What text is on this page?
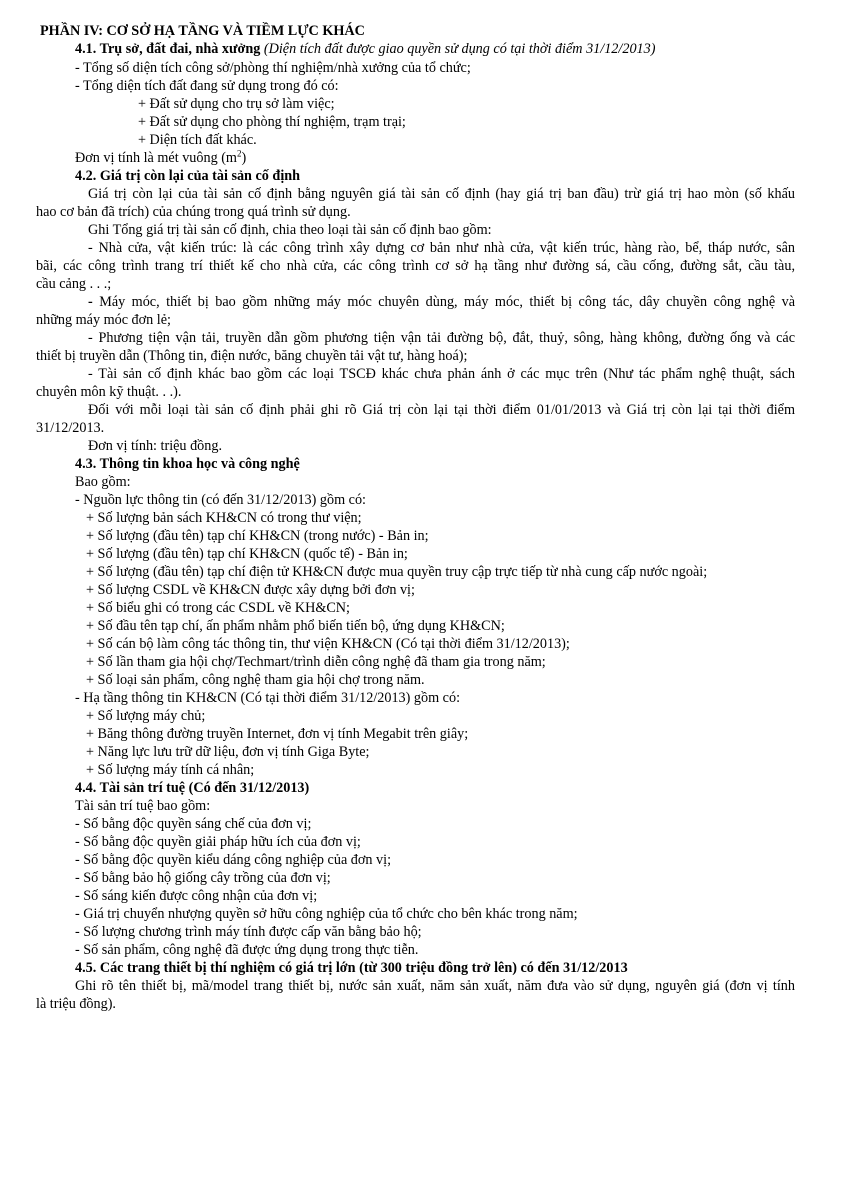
PHẦN IV: CƠ SỞ HẠ TẦNG VÀ TIỀM LỰC KHÁC
4.1. Trụ sở, đất đai, nhà xưởng (Diện tích đất được giao quyền sử dụng có tại thời điểm 31/12/2013)
- Tổng số diện tích công sở/phòng thí nghiệm/nhà xưởng của tổ chức;
- Tổng diện tích đất đang sử dụng trong đó có:
+ Đất sử dụng cho trụ sở làm việc;
+ Đất sử dụng cho phòng thí nghiệm, trạm trại;
+ Diện tích đất khác.
Đơn vị tính là mét vuông $(m^2)$
4.2. Giá trị còn lại của tài sản cố định
Giá trị còn lại của tài sản cố định bằng nguyên giá tài sản cố định (hay giá trị ban đầu) trừ giá trị hao mòn (số khấu
hao cơ bản đã trích) của chúng trong quá trình sử dụng.
Ghi Tổng giá trị tài sản cố định, chia theo loại tài sản cố định bao gồm:
- Nhà cửa, vật kiến trúc: là các công trình xây dựng cơ bản như nhà cửa, vật kiến trúc, hàng rào, bể, tháp nước, sân
bãi, các công trình trang trí thiết kế cho nhà cửa, các công trình cơ sở hạ tầng như đường sá, cầu cống, đường sắt, cầu tàu,
cầu cảng . . .;
- Máy móc, thiết bị bao gồm những máy móc chuyên dùng, máy móc, thiết bị công tác, dây chuyền công nghệ và
những máy móc đơn lẻ;
- Phương tiện vận tải, truyền dẫn gồm phương tiện vận tải đường bộ, đắt, thuỷ, sông, hàng không, đường ống và các
thiết bị truyền dẫn (Thông tin, điện nước, băng chuyền tải vật tư, hàng hoá);
- Tài sản cố định khác bao gồm các loại TSCĐ khác chưa phản ánh ở các mục trên (Như tác phẩm nghệ thuật, sách
chuyên môn kỹ thuật. . .).
Đối với mỗi loại tài sản cố định phải ghi rõ Giá trị còn lại tại thời điểm 01/01/2013 và Giá trị còn lại tại thời điểm
31/12/2013.
Đơn vị tính: triệu đồng.
4.3. Thông tin khoa học và công nghệ
Bao gồm:
- Nguồn lực thông tin (có đến 31/12/2013) gồm có:
+ Số lượng bản sách KH&CN có trong thư viện;
+ Số lượng (đầu tên) tạp chí KH&CN (trong nước) - Bản in;
+ Số lượng (đầu tên) tạp chí KH&CN (quốc tế) - Bản in;
+ Số lượng (đầu tên) tạp chí điện tử KH&CN được mua quyền truy cập trực tiếp từ nhà cung cấp nước ngoài;
+ Số lượng CSDL về KH&CN được xây dựng bởi đơn vị;
+ Số biểu ghi có trong các CSDL về KH&CN;
+ Số đầu tên tạp chí, ấn phẩm nhằm phổ biến tiến bộ, ứng dụng KH&CN;
+ Số cán bộ làm công tác thông tin, thư viện KH&CN (Có tại thời điểm 31/12/2013);
+ Số lần tham gia hội chợ/Techmart/trình diễn công nghệ đã tham gia trong năm;
+ Số loại sản phẩm, công nghệ tham gia hội chợ trong năm.
- Hạ tầng thông tin KH&CN (Có tại thời điểm 31/12/2013) gồm có:
+ Số lượng máy chủ;
+ Băng thông đường truyền Internet, đơn vị tính Megabit trên giây;
+ Năng lực lưu trữ dữ liệu, đơn vị tính Giga Byte;
+ Số lượng máy tính cá nhân;
4.4. Tài sản trí tuệ (Có đến 31/12/2013)
Tài sản trí tuệ bao gồm:
- Số bằng độc quyền sáng chế của đơn vị;
- Số bằng độc quyền giải pháp hữu ích của đơn vị;
- Số bằng độc quyền kiểu dáng công nghiệp của đơn vị;
- Số bằng bảo hộ giống cây trồng của đơn vị;
- Số sáng kiến được công nhận của đơn vị;
- Giá trị chuyển nhượng quyền sở hữu công nghiệp của tổ chức cho bên khác trong năm;
- Số lượng chương trình máy tính được cấp văn bằng bảo hộ;
- Số sản phẩm, công nghệ đã được ứng dụng trong thực tiễn.
4.5. Các trang thiết bị thí nghiệm có giá trị lớn (từ 300 triệu đồng trở lên) có đến 31/12/2013
Ghi rõ tên thiết bị, mã/model trang thiết bị, nước sản xuất, năm sản xuất, năm đưa vào sử dụng, nguyên giá (đơn vị tính
là triệu đồng).
